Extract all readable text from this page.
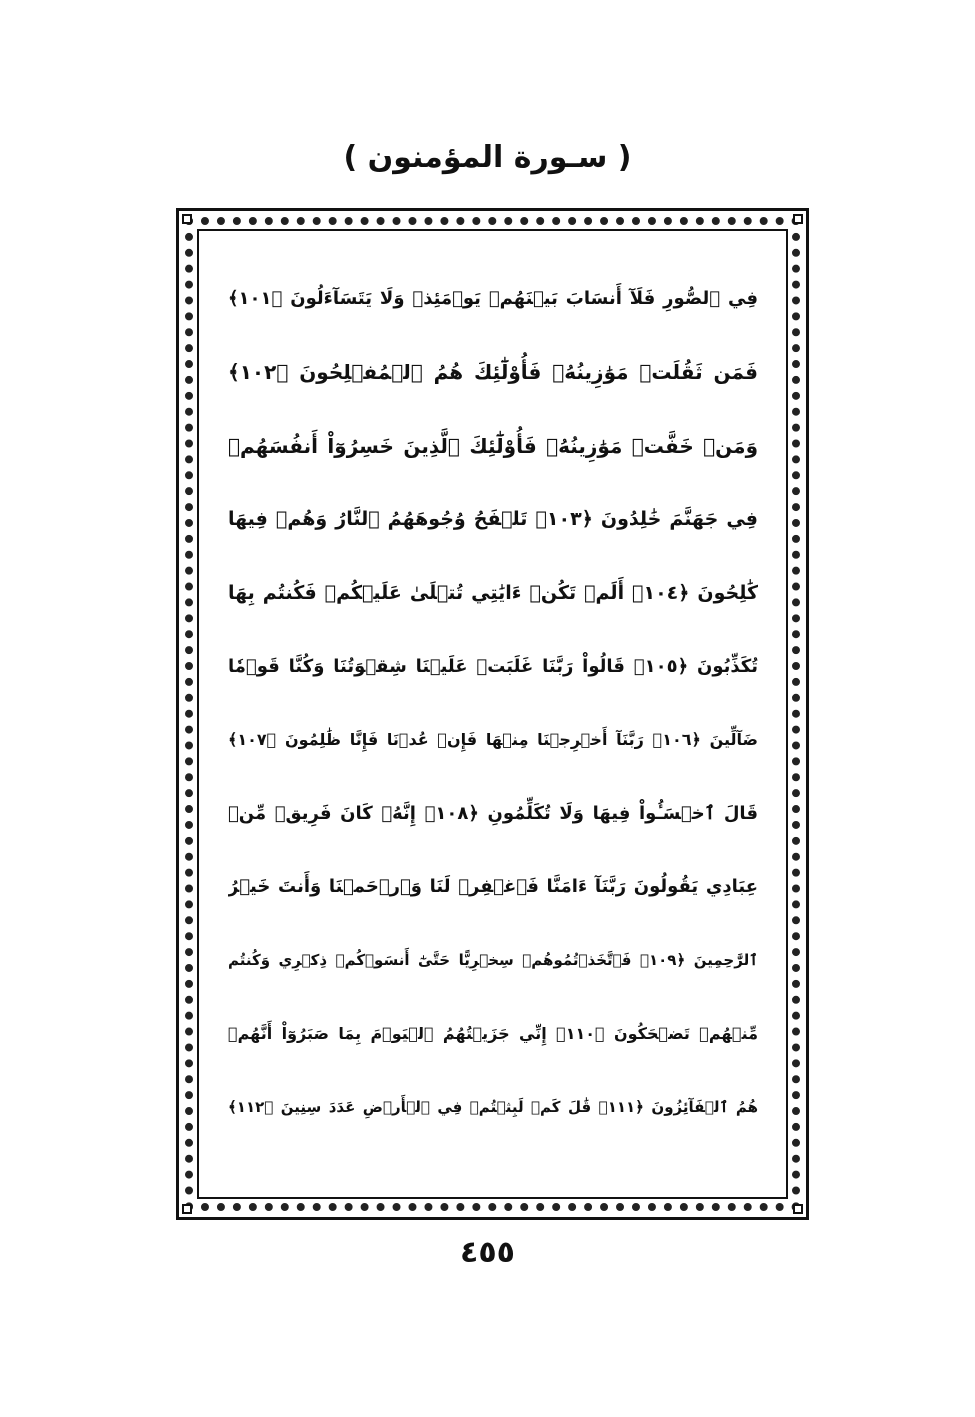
( سـورة المؤمنون )
فِي ٱلصُّورِ فَلَآ أَنسَابَ بَيۡنَهُمۡ يَوۡمَئِذٖ وَلَا يَتَسَآءَلُونَ ﴿١٠١﴾
فَمَن ثَقُلَتۡ مَوَٰزِينُهُۥ فَأُوْلَٰٓئِكَ هُمُ ٱلۡمُفۡلِحُونَ ﴿١٠٢﴾
وَمَنۡ خَفَّتۡ مَوَٰزِينُهُۥ فَأُوْلَٰٓئِكَ ٱلَّذِينَ خَسِرُوٓاْ أَنفُسَهُمۡ
فِي جَهَنَّمَ خَٰلِدُونَ ﴿١٠٣﴾ تَلۡفَحُ وُجُوهَهُمُ ٱلنَّارُ وَهُمۡ فِيهَا
كَٰلِحُونَ ﴿١٠٤﴾ أَلَمۡ تَكُنۡ ءَايَٰتِي تُتۡلَىٰ عَلَيۡكُمۡ فَكُنتُم بِهَا
تُكَذِّبُونَ ﴿١٠٥﴾ قَالُواْ رَبَّنَا غَلَبَتۡ عَلَيۡنَا شِقۡوَتُنَا وَكُنَّا قَوۡمٗا
ضَآلِّينَ ﴿١٠٦﴾ رَبَّنَآ أَخۡرِجۡنَا مِنۡهَا فَإِنۡ عُدۡنَا فَإِنَّا ظَٰلِمُونَ ﴿١٠٧﴾
قَالَ ٱخۡسَـُٔواْ فِيهَا وَلَا تُكَلِّمُونِ ﴿١٠٨﴾ إِنَّهُۥ كَانَ فَرِيقٞ مِّنۡ
عِبَادِي يَقُولُونَ رَبَّنَآ ءَامَنَّا فَٱغۡفِرۡ لَنَا وَٱرۡحَمۡنَا وَأَنتَ خَيۡرُ
ٱلرَّٰحِمِينَ ﴿١٠٩﴾ فَٱتَّخَذۡتُمُوهُمۡ سِخۡرِيًّا حَتَّىٰٓ أَنسَوۡكُمۡ ذِكۡرِي وَكُنتُم
مِّنۡهُمۡ تَضۡحَكُونَ ﴿١١٠﴾ إِنِّي جَزَيۡتُهُمُ ٱلۡيَوۡمَ بِمَا صَبَرُوٓاْ أَنَّهُمۡ
هُمُ ٱلۡفَآئِزُونَ ﴿١١١﴾ قَٰلَ كَمۡ لَبِثۡتُمۡ فِي ٱلۡأَرۡضِ عَدَدَ سِنِينَ ﴿١١٢﴾
٤٥٥
